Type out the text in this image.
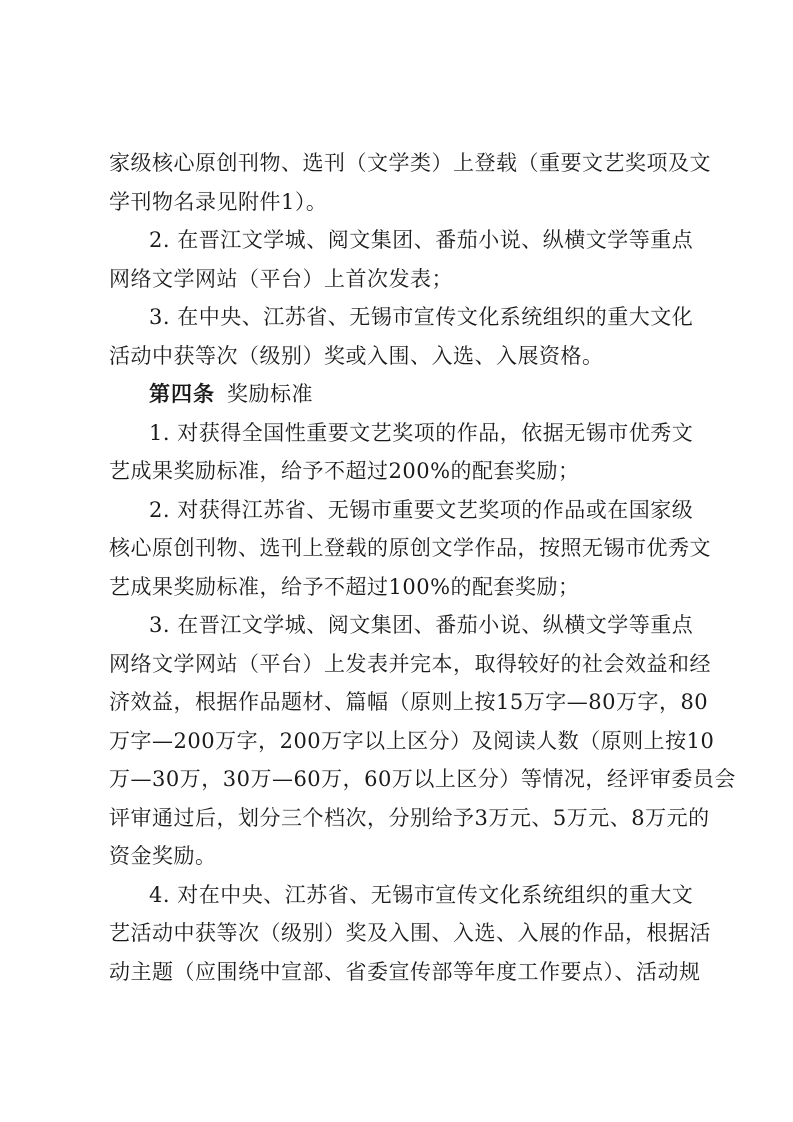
家级核心原创刊物、选刊（文学类）上登载（重要文艺奖项及文
学刊物名录见附件1）。
2. 在晋江文学城、阅文集团、番茄小说、纵横文学等重点
网络文学网站（平台）上首次发表；
3. 在中央、江苏省、无锡市宣传文化系统组织的重大文化
活动中获等次（级别）奖或入围、入选、入展资格。
第四条 奖励标准
1. 对获得全国性重要文艺奖项的作品，依据无锡市优秀文
艺成果奖励标准，给予不超过200%的配套奖励；
2. 对获得江苏省、无锡市重要文艺奖项的作品或在国家级
核心原创刊物、选刊上登载的原创文学作品，按照无锡市优秀文
艺成果奖励标准，给予不超过100%的配套奖励；
3. 在晋江文学城、阅文集团、番茄小说、纵横文学等重点
网络文学网站（平台）上发表并完本，取得较好的社会效益和经
济效益，根据作品题材、篇幅（原则上按15万字—80万字，80
万字—200万字，200万字以上区分）及阅读人数（原则上按10
万—30万，30万—60万，60万以上区分）等情况，经评审委员会
评审通过后，划分三个档次，分别给予3万元、5万元、8万元的
资金奖励。
4. 对在中央、江苏省、无锡市宣传文化系统组织的重大文
艺活动中获等次（级别）奖及入围、入选、入展的作品，根据活
动主题（应围绕中宣部、省委宣传部等年度工作要点）、活动规
